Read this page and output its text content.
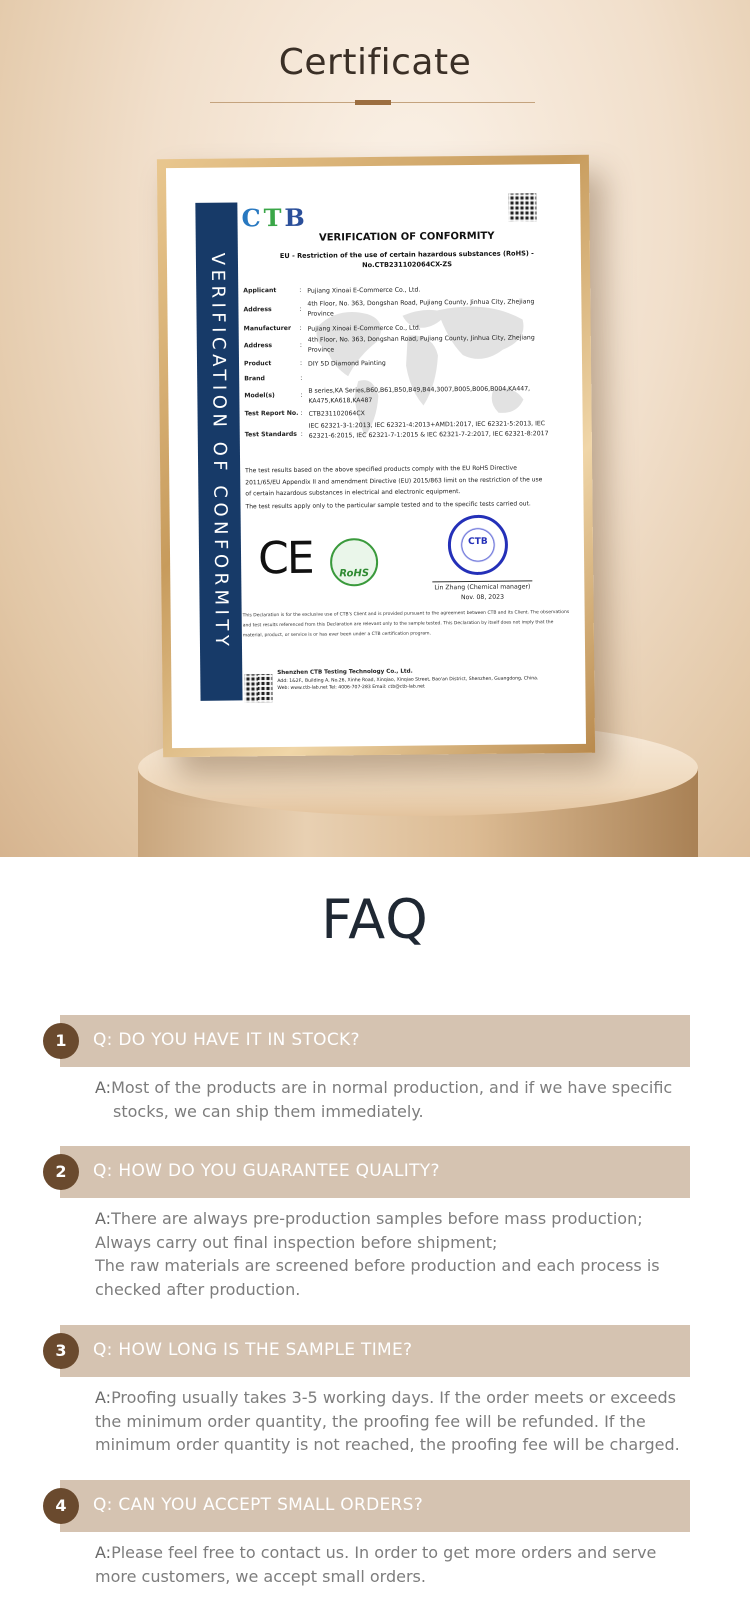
Certificate
VERIFICATION OF CONFORMITY
CTB
VERIFICATION OF CONFORMITY
EU - Restriction of the use of certain hazardous substances (RoHS) -
No.CTB231102064CX-ZS
Applicant	: Pujiang Xinoai E-Commerce Co., Ltd.
Address	:
4th Floor, No. 363, Dongshan Road, Pujiang County, Jinhua City, Zhejiang Province
Manufacturer	: Pujiang Xinoai E-Commerce Co., Ltd.
Address	:
4th Floor, No. 363, Dongshan Road, Pujiang County, Jinhua City, Zhejiang Province
Product	: DIY 5D Diamond Painting
Brand	:
Model(s)	:
B series,KA Series,B60,B61,B50,B49,B44,3007,B005,B006,B004,KA447, KA475,KA618,KA487
Test Report No. : CTB231102064CX
Test Standards :
IEC 62321-3-1:2013, IEC 62321-4:2013+AMD1:2017, IEC 62321-5:2013, IEC 62321-6:2015, IEC 62321-7-1:2015 & IEC 62321-7-2:2017, IEC 62321-8:2017
The test results based on the above specified products comply with the EU RoHS Directive 2011/65/EU Appendix II and amendment Directive (EU) 2015/863 limit on the restriction of the use of certain hazardous substances in electrical and electronic equipment.
The test results apply only to the particular sample tested and to the specific tests carried out.
CE	RoHS
CTB
Lin Zhang (Chemical manager)
Nov. 08, 2023
This Declaration is for the exclusive use of CTB's Client and is provided pursuant to the agreement between CTB and its Client. The observations and test results referenced from this Declaration are relevant only to the sample tested. This Declaration by itself does not imply that the material, product, or service is or has ever been under a CTB certification program.
Shenzhen CTB Testing Technology Co., Ltd.
Add: 1&2F., Building A, No.26, Xinhe Road, Xinqiao, Xinqiao Street, Bao'an District, Shenzhen, Guangdong, China.
Web: www.ctb-lab.net Tel: 4006-707-283 Email: ctb@ctb-lab.net
FAQ
1	Q: DO YOU HAVE IT IN STOCK?
A:Most of the products are in normal production, and if we have specific
stocks, we can ship them immediately.
2	Q: HOW DO YOU GUARANTEE QUALITY?
A:There are always pre-production samples before mass production;
Always carry out final inspection before shipment;
The raw materials are screened before production and each process is
checked after production.
3	Q: HOW LONG IS THE SAMPLE TIME?
A:Proofing usually takes 3-5 working days. If the order meets or exceeds
the minimum order quantity, the proofing fee will be refunded. If the
minimum order quantity is not reached, the proofing fee will be charged.
4	Q: CAN YOU ACCEPT SMALL ORDERS?
A:Please feel free to contact us. In order to get more orders and serve
more customers, we accept small orders.
